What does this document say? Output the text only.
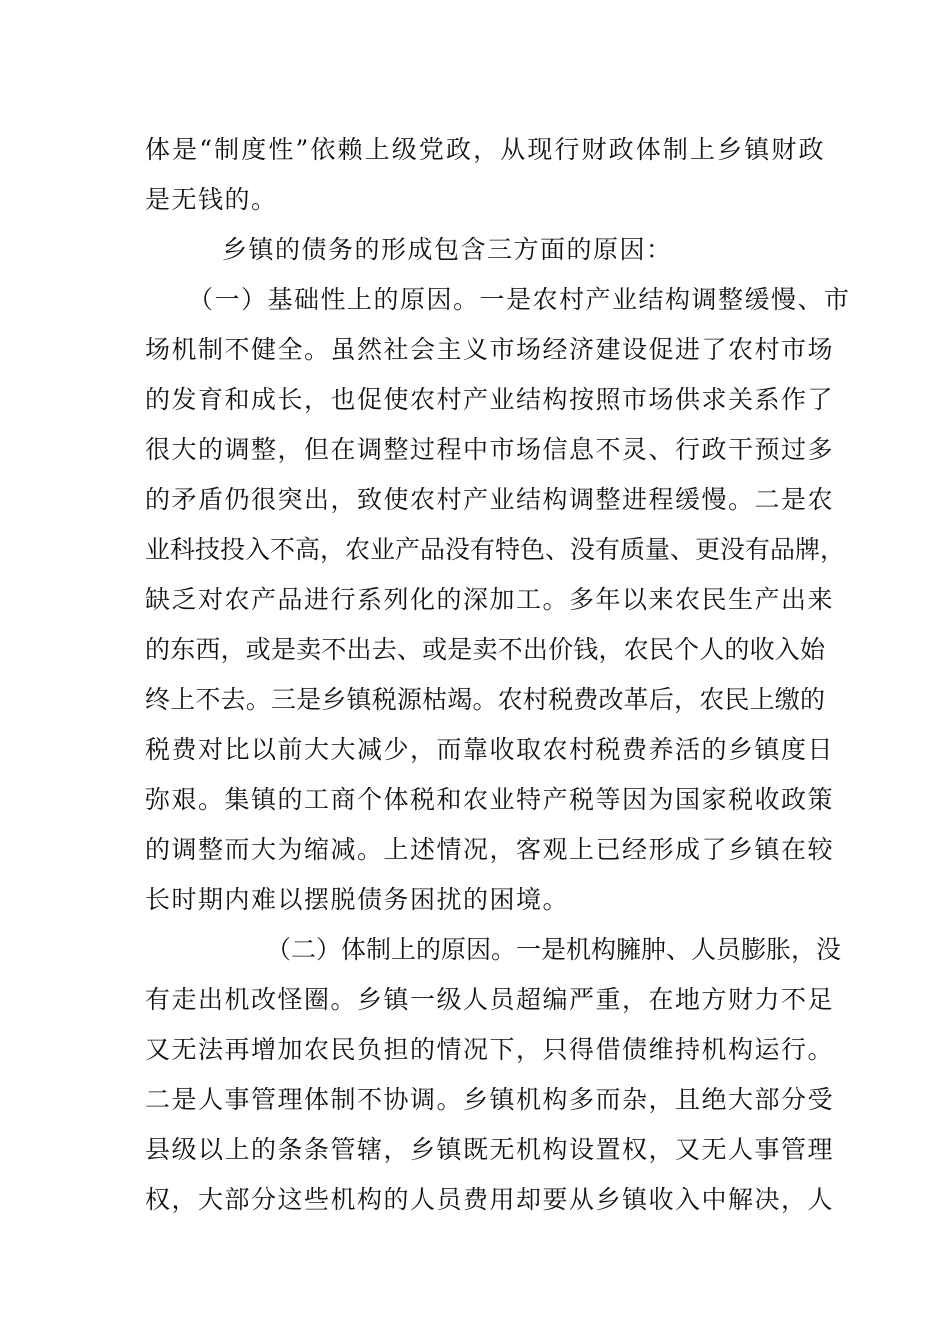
体是“制度性”依赖上级党政，从现行财政体制上乡镇财政
是无钱的。
乡镇的债务的形成包含三方面的原因：
（一）基础性上的原因。一是农村产业结构调整缓慢、市
场机制不健全。虽然社会主义市场经济建设促进了农村市场
的发育和成长，也促使农村产业结构按照市场供求关系作了
很大的调整，但在调整过程中市场信息不灵、行政干预过多
的矛盾仍很突出，致使农村产业结构调整进程缓慢。二是农
业科技投入不高，农业产品没有特色、没有质量、更没有品牌，
缺乏对农产品进行系列化的深加工。多年以来农民生产出来
的东西，或是卖不出去、或是卖不出价钱，农民个人的收入始
终上不去。三是乡镇税源枯竭。农村税费改革后，农民上缴的
税费对比以前大大减少，而靠收取农村税费养活的乡镇度日
弥艰。集镇的工商个体税和农业特产税等因为国家税收政策
的调整而大为缩减。上述情况，客观上已经形成了乡镇在较
长时期内难以摆脱债务困扰的困境。
（二）体制上的原因。一是机构臃肿、人员膨胀，没
有走出机改怪圈。乡镇一级人员超编严重，在地方财力不足
又无法再增加农民负担的情况下，只得借债维持机构运行。
二是人事管理体制不协调。乡镇机构多而杂，且绝大部分受
县级以上的条条管辖，乡镇既无机构设置权，又无人事管理
权，大部分这些机构的人员费用却要从乡镇收入中解决，人
